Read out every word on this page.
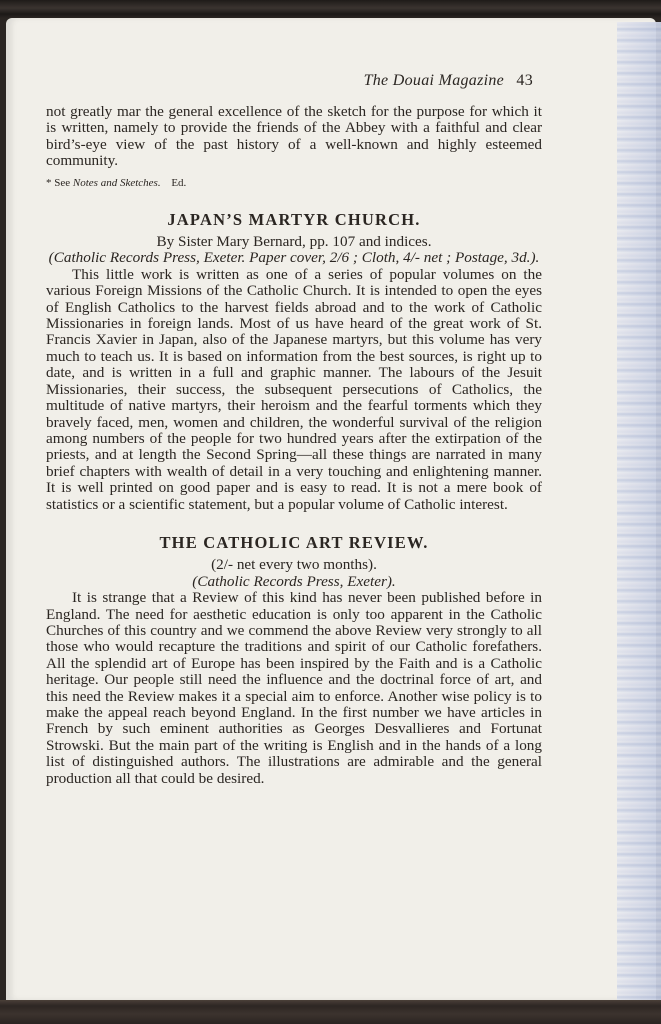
The Douai Magazine 43

not greatly mar the general excellence of the sketch for the purpose for which it is written, namely to provide the friends of the Abbey with a faithful and clear bird’s-eye view of the past history of a well-known and highly esteemed community.

* See Notes and Sketches. Ed.
JAPAN’S MARTYR CHURCH.

By Sister Mary Bernard, pp. 107 and indices.

(Catholic Records Press, Exeter. Paper cover, 2/6 ; Cloth, 4/- net ; Postage, 3d.).

This little work is written as one of a series of popular volumes on the various Foreign Missions of the Catholic Church. It is intended to open the eyes of English Catholics to the harvest fields abroad and to the work of Catholic Missionaries in foreign lands. Most of us have heard of the great work of St. Francis Xavier in Japan, also of the Japanese martyrs, but this volume has very much to teach us. It is based on information from the best sources, is right up to date, and is written in a full and graphic manner. The labours of the Jesuit Missionaries, their success, the subsequent persecutions of Catholics, the multitude of native martyrs, their heroism and the fearful torments which they bravely faced, men, women and children, the wonderful survival of the religion among numbers of the people for two hundred years after the extirpation of the priests, and at length the Second Spring—all these things are narrated in many brief chapters with wealth of detail in a very touching and enlightening manner. It is well printed on good paper and is easy to read. It is not a mere book of statistics or a scientific statement, but a popular volume of Catholic interest.

THE CATHOLIC ART REVIEW.

(2/- net every two months).

(Catholic Records Press, Exeter).

It is strange that a Review of this kind has never been published before in England. The need for aesthetic education is only too apparent in the Catholic Churches of this country and we commend the above Review very strongly to all those who would recapture the traditions and spirit of our Catholic forefathers. All the splendid art of Europe has been inspired by the Faith and is a Catholic heritage. Our people still need the influence and the doctrinal force of art, and this need the Review makes it a special aim to enforce. Another wise policy is to make the appeal reach beyond England. In the first number we have articles in French by such eminent authorities as Georges Desvallieres and Fortunat Strowski. But the main part of the writing is English and in the hands of a long list of distinguished authors. The illustrations are admirable and the general production all that could be desired.
